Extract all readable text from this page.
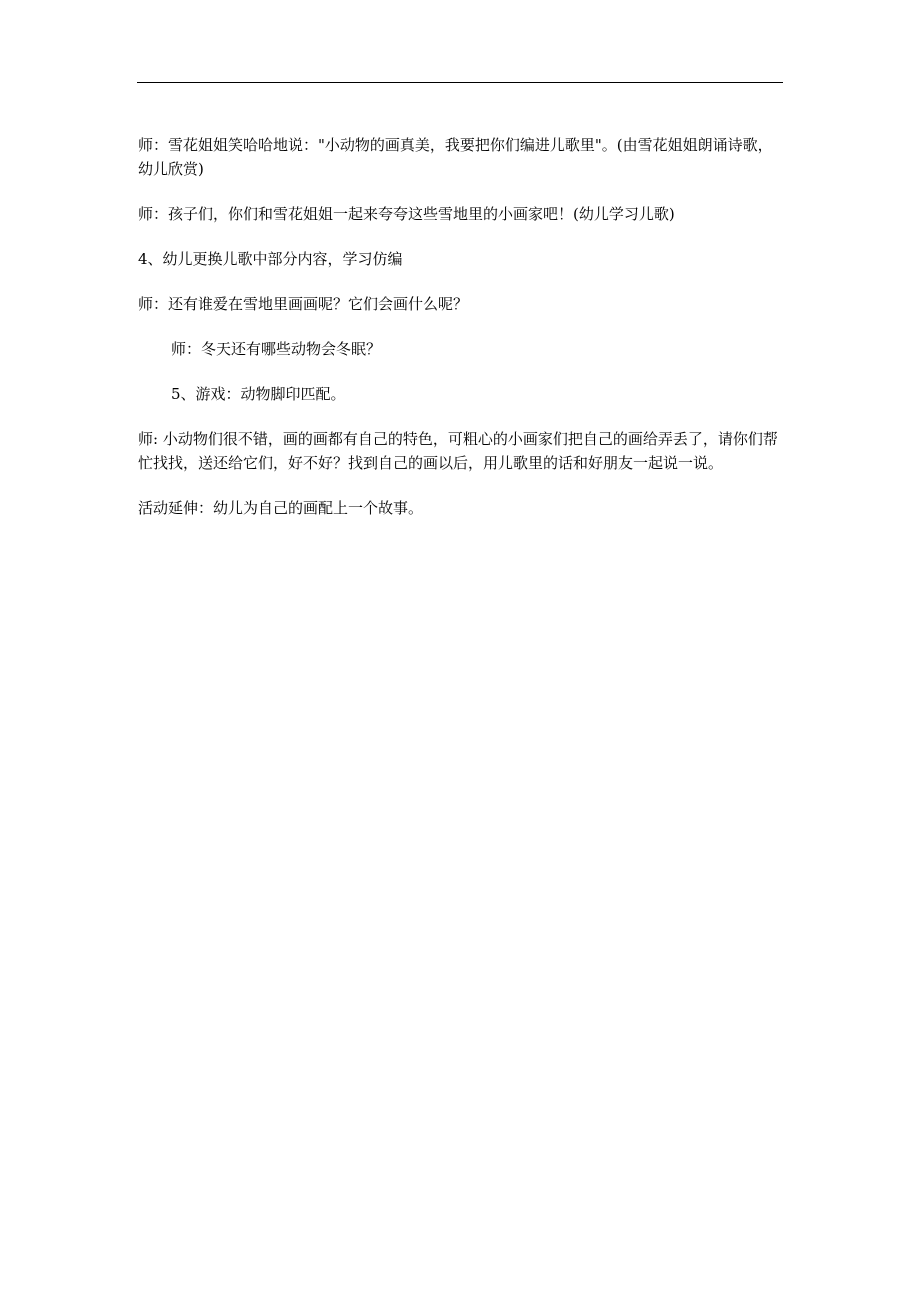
师：雪花姐姐笑哈哈地说："小动物的画真美，我要把你们编进儿歌里"。(由雪花姐姐朗诵诗歌，幼儿欣赏)

师：孩子们，你们和雪花姐姐一起来夸夸这些雪地里的小画家吧！(幼儿学习儿歌)

4、幼儿更换儿歌中部分内容，学习仿编

师：还有谁爱在雪地里画画呢？它们会画什么呢？

师：冬天还有哪些动物会冬眠？

5、游戏：动物脚印匹配。

师: 小动物们很不错，画的画都有自己的特色，可粗心的小画家们把自己的画给弄丢了，请你们帮忙找找，送还给它们，好不好？找到自己的画以后，用儿歌里的话和好朋友一起说一说。

活动延伸：幼儿为自己的画配上一个故事。
